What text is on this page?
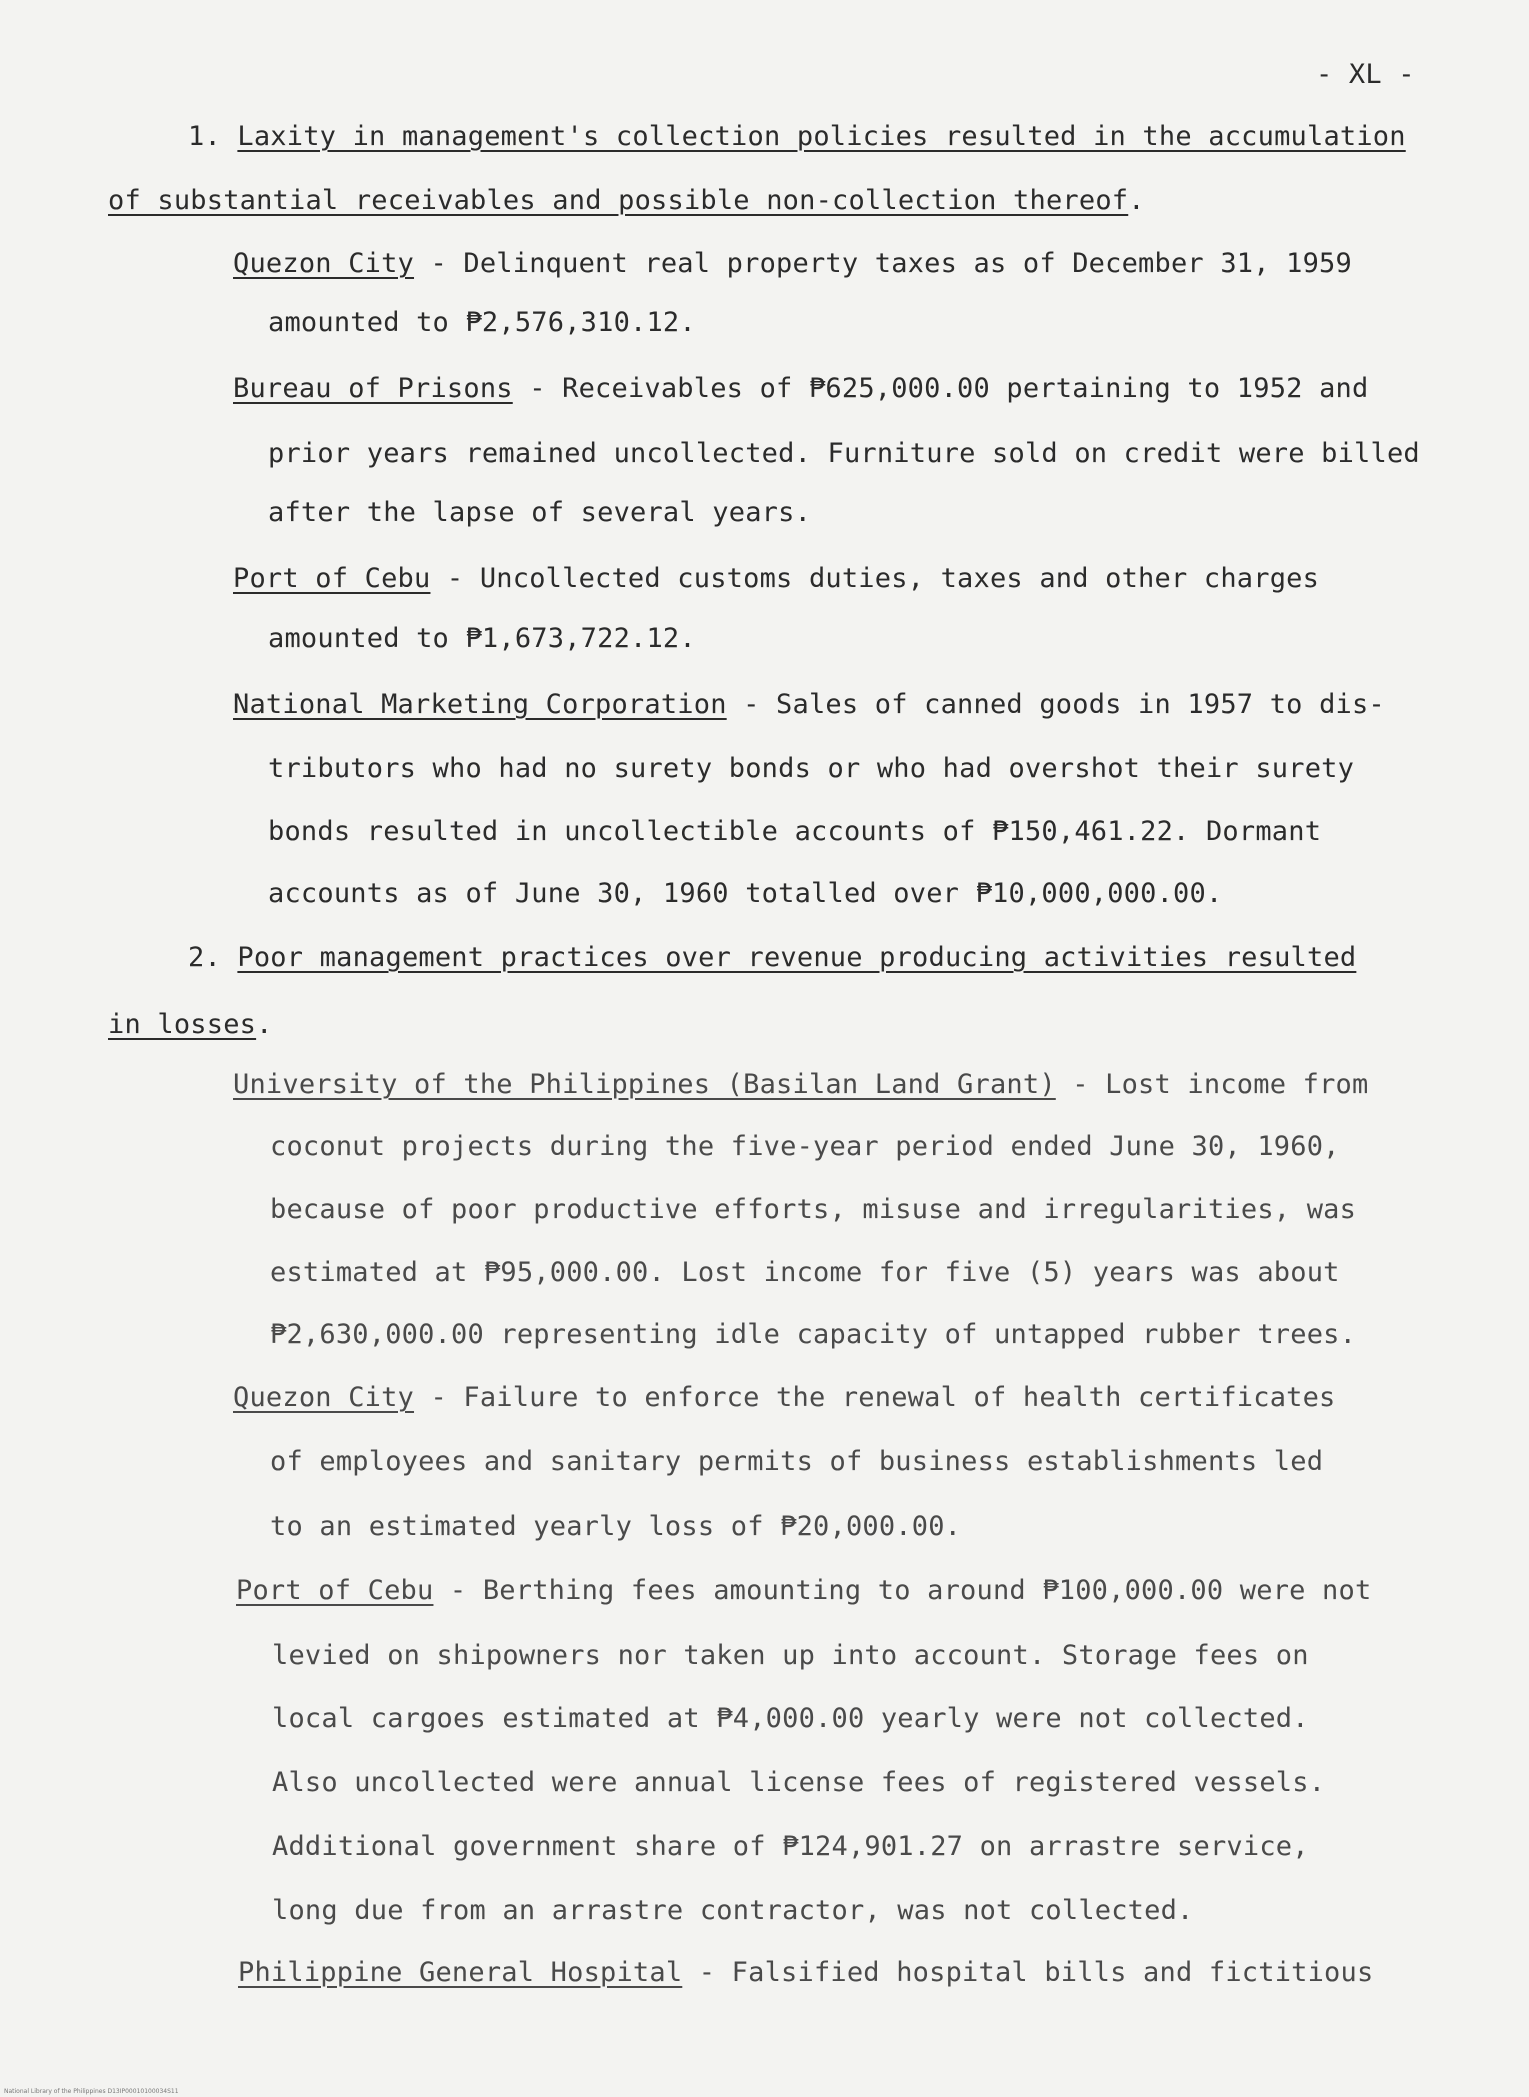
- XL -
1. Laxity in management's collection policies resulted in the accumulation
of substantial receivables and possible non-collection thereof.
Quezon City - Delinquent real property taxes as of December 31, 1959
amounted to ₱2,576,310.12.
Bureau of Prisons - Receivables of ₱625,000.00 pertaining to 1952 and
prior years remained uncollected. Furniture sold on credit were billed
after the lapse of several years.
Port of Cebu - Uncollected customs duties, taxes and other charges
amounted to ₱1,673,722.12.
National Marketing Corporation - Sales of canned goods in 1957 to dis-
tributors who had no surety bonds or who had overshot their surety
bonds resulted in uncollectible accounts of ₱150,461.22. Dormant
accounts as of June 30, 1960 totalled over ₱10,000,000.00.
2. Poor management practices over revenue producing activities resulted
in losses.
University of the Philippines (Basilan Land Grant) - Lost income from
coconut projects during the five-year period ended June 30, 1960,
because of poor productive efforts, misuse and irregularities, was
estimated at ₱95,000.00. Lost income for five (5) years was about
₱2,630,000.00 representing idle capacity of untapped rubber trees.
Quezon City - Failure to enforce the renewal of health certificates
of employees and sanitary permits of business establishments led
to an estimated yearly loss of ₱20,000.00.
Port of Cebu - Berthing fees amounting to around ₱100,000.00 were not
levied on shipowners nor taken up into account. Storage fees on
local cargoes estimated at ₱4,000.00 yearly were not collected.
Also uncollected were annual license fees of registered vessels.
Additional government share of ₱124,901.27 on arrastre service,
long due from an arrastre contractor, was not collected.
Philippine General Hospital - Falsified hospital bills and fictitious
National Library of the Philippines D13IP00010100034S11
